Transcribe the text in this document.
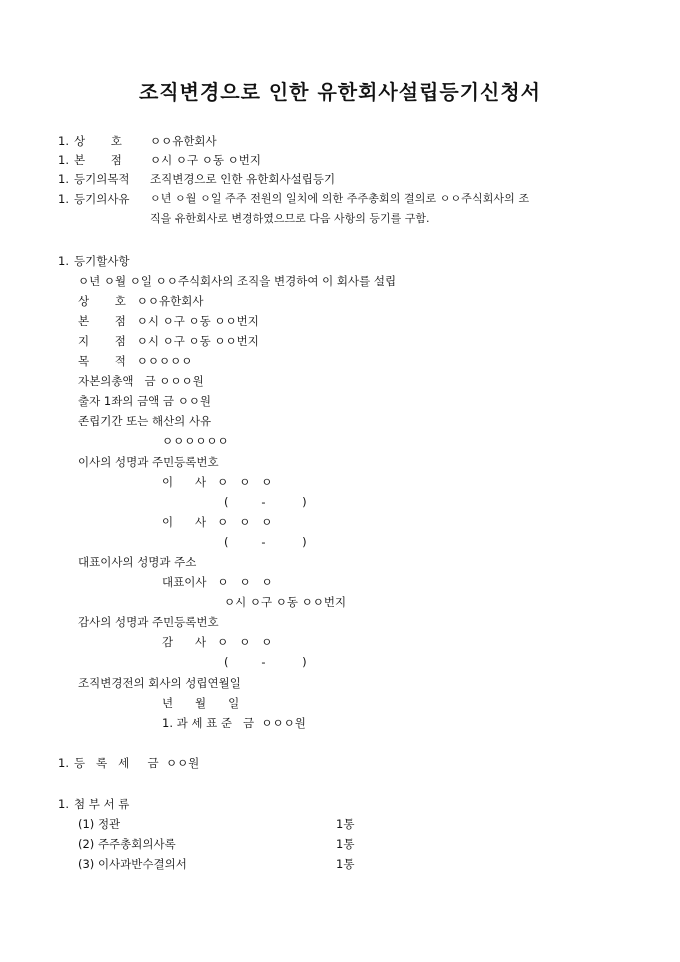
조직변경으로 인한 유한회사설립등기신청서
1. 상       호 ㅇㅇ유한회사
1. 본       점 ㅇ시 ㅇ구 ㅇ동 ㅇ번지
1. 등기의목적 조직변경으로 인한 유한회사설립등기
1. 등기의사유 ㅇ년 ㅇ월 ㅇ일 주주 전원의 일치에 의한 주주총회의 결의로 ㅇㅇ주식회사의 조
직을 유한회사로 변경하였으므로 다음 사항의 등기를 구함.
1. 등기할사항
ㅇ년 ㅇ월 ㅇ일 ㅇㅇ주식회사의 조직을 변경하여 이 회사를 설립
상       호   ㅇㅇ유한회사
본       점   ㅇ시 ㅇ구 ㅇ동 ㅇㅇ번지
지       점   ㅇ시 ㅇ구 ㅇ동 ㅇㅇ번지
목       적   ㅇㅇㅇㅇㅇ
자본의총액   금 ㅇㅇㅇ원
출자 1좌의 금액 금 ㅇㅇ원
존립기간 또는 해산의 사유
ㅇㅇㅇㅇㅇㅇ
이사의 성명과 주민등록번호
이      사   ㅇ   ㅇ   ㅇ
(         -          )
이      사   ㅇ   ㅇ   ㅇ
(         -          )
대표이사의 성명과 주소
대표이사   ㅇ   ㅇ   ㅇ
ㅇ시 ㅇ구 ㅇ동 ㅇㅇ번지
감사의 성명과 주민등록번호
감      사   ㅇ   ㅇ   ㅇ
(         -          )
조직변경전의 회사의 성립연월일
년      월      일
1. 과 세 표 준   금  ㅇㅇㅇ원
1. 등   록   세     금  ㅇㅇ원
1. 첨 부 서 류
(1) 정관	1통
(2) 주주총회의사록	1통
(3) 이사과반수결의서	1통
